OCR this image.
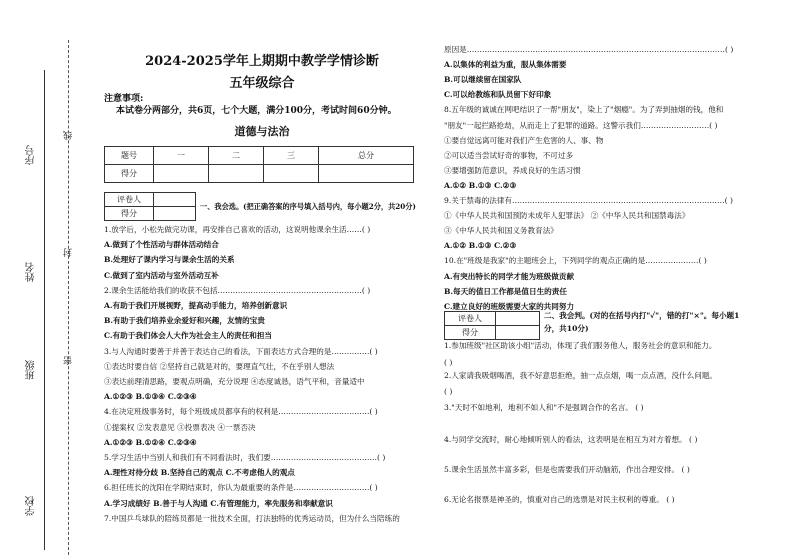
学校
班级
姓名
序号
密
封
线
2024-2025学年上期期中教学学情诊断
五年级综合
注意事项:
本试卷分两部分，共6页，七个大题，满分100分，考试时间60分钟。
道德与法治
题号	一	二	三	总分
得分				
评卷人	
得分	
一、我会选。(把正确答案的序号填入括号内，每小题2分，共20分)
1.放学后，小松先做完功课，再安排自己喜欢的活动，这说明他课余生活……( )
A.做到了个性活动与群体活动结合
B.处理好了课内学习与课余生活的关系
C.做到了室内活动与室外活动互补
2.课余生活能给我们的收获不包括…………………………………………………( )
A.有助于我们开展视野，提高动手能力，培养创新意识
B.有助于我们培养业余爱好和兴趣，友情的宝贵
C.有助于我们体会人大作为社会主人的责任和担当
3.与人沟通时要善于并善于表达自己的看法，下面表达方式合理的是……………( )
①表达时要自信 ②坚持自己就是对的，要理直气壮，不在乎别人想法
③表达前理清思路，要观点明确，充分说理 ④态度诚恳，语气平和，音量适中
A.①②③ B.①③④ C.②③④
4.在决定班级事务时，每个班级成员都享有的权利是………………………………( )
①提案权 ②发表意见 ③投票表决 ④一票否决
A.①②③ B.①②④ C.②③④
5.学习生活中当别人和我们有不同看法时，我们要……………………………………( )
A.理性对待分歧 B.坚持自己的观点 C.不考虑他人的观点
6.担任班长的沈阳在学期结束时，你认为最重要的条件是…………………………( )
A.学习成绩好 B.善于与人沟通 C.有管理能力，率先服务和奉献意识
7.中国乒乓球队的陪练员都是一批技术全面，打法独特的优秀运动员，但为什么当陪练的
原因是…………………………………………………………………………………………( )
A.以集体的利益为重，服从集体需要
B.可以继续留在国家队
C.可以给教练和队员留下好印象
8.五年级的诚诚在网吧结识了一帮"朋友"，染上了"烟瘾"。为了弄到抽烟的钱，他和
"朋友"一起拦路抢劫，从而走上了犯罪的道路。这警示我们………………………( )
①要自觉远离可能对我们产生危害的人、事、物
②可以适当尝试好奇的事物，不可过多
③要增强防范意识，养成良好的生活习惯
A.①② B.①③ C.②③
9.关于禁毒的法律有…………………………………………………………………………( )
①《中华人民共和国预防未成年人犯罪法》 ②《中华人民共和国禁毒法》
③《中华人民共和国义务教育法》
A.①② B.①③ C.②③
10.在"班级是我家"的主题班会上，下列同学的观点正确的是…………………( )
A.有突出特长的同学才能为班级做贡献
B.每天的值日工作都是值日生的责任
C.建立良好的班级需要大家的共同努力
评卷人	
得分	
二、我会判。(对的在括号内打"✓"，错的打"×"。每小题1
分，共10分)
1.参加班级"社区助该小组"活动，体现了我们服务他人，服务社会的意识和能力。
( )
2.人家请我吸烟喝酒，我不好意思拒绝，抽一点点烟，喝一点点酒，没什么问题。
( )
3."天时不如地利，地利不如人和"不是强调合作的名言。 ( )
4.与同学交流时，耐心地倾听别人的看法，这表明是在相互为对方着想。 ( )
5.课余生活虽然丰富多彩，但是也需要我们开动脑筋，作出合理安排。 ( )
6.无论名报票是神圣的，慎重对自己的选票是对民主权利的尊重。 ( )
